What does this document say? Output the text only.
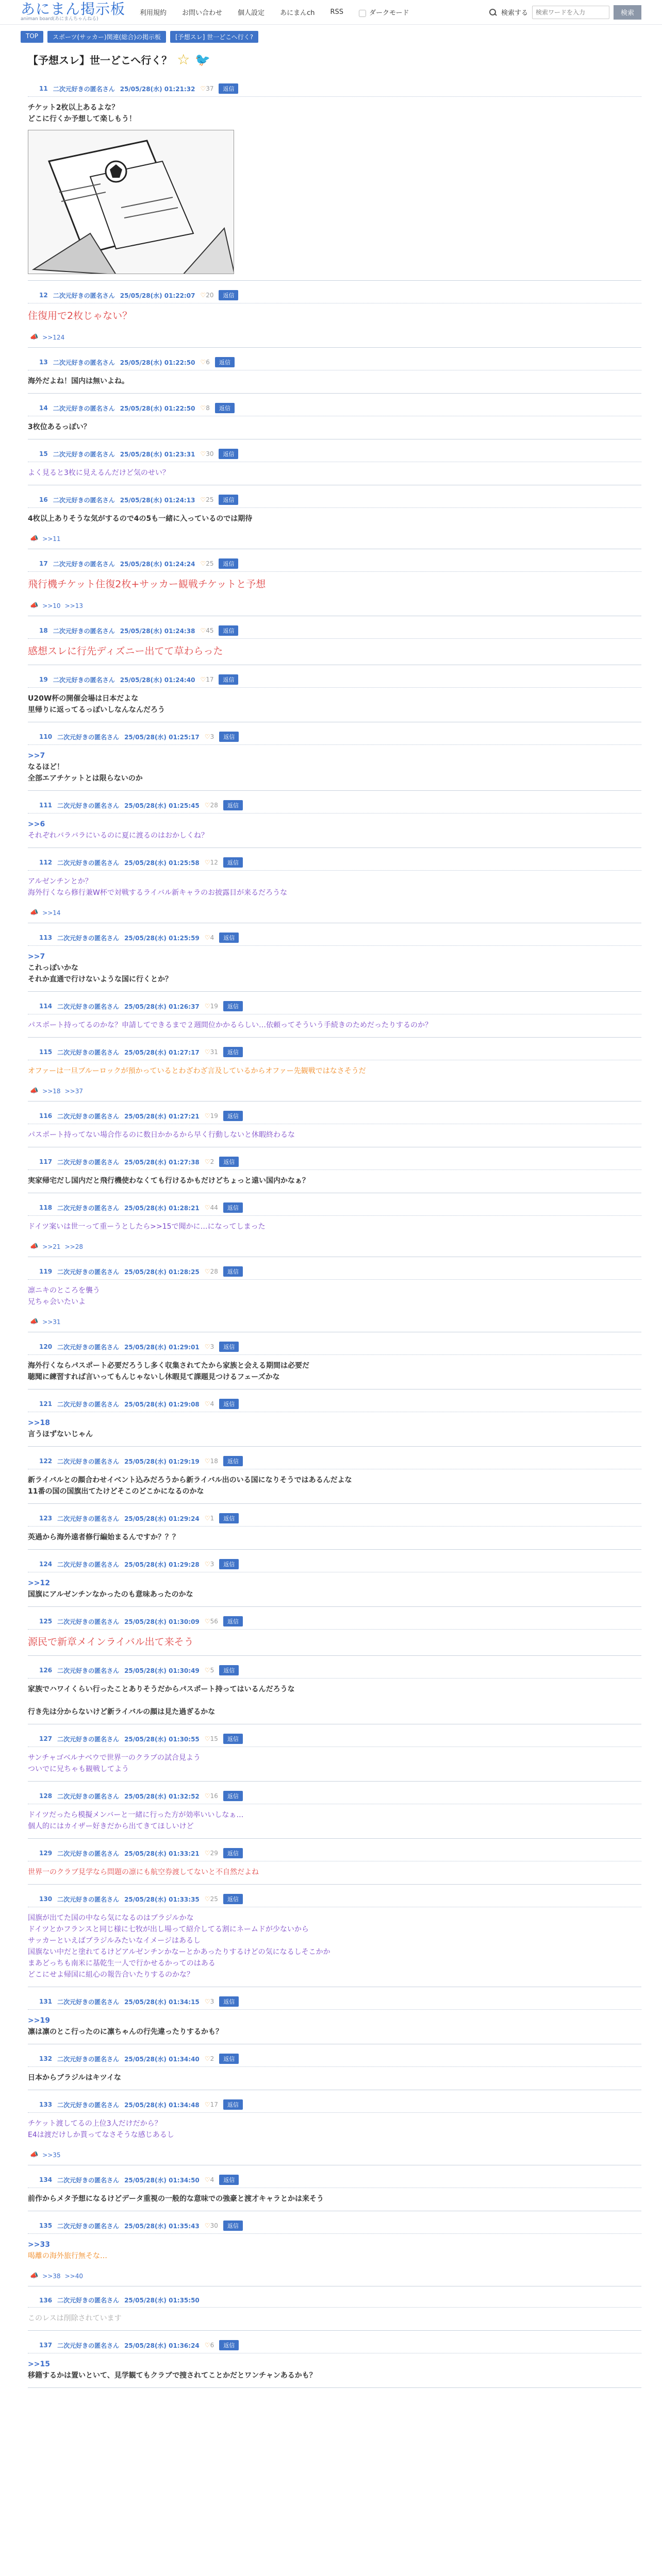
あにまん掲示板
animan board(あにまんちゃんねる)
利用規約 お問い合わせ 個人設定 あにまんch RSS	ダークモード	検索する
検索ワードを入力	検索
TOP	スポーツ(サッカー)関連(総合)の掲示板	[予想スレ] 世一どこへ行く?
【予想スレ】世一どこへ行く？ ☆ 🐦
11 二次元好きの匿名さん 25/05/28(水) 01:21:32 ♡37	返信
チケット2枚以上あるよな？
どこに行くか予想して楽しもう！
12 二次元好きの匿名さん 25/05/28(水) 01:22:07 ♡20	返信
住復用で2枚じゃない？
📣 >>124
13 二次元好きの匿名さん 25/05/28(水) 01:22:50 ♡6	返信
海外だよね！国内は無いよね。
14 二次元好きの匿名さん 25/05/28(水) 01:22:50 ♡8	返信
3枚位あるっぽい？
15 二次元好きの匿名さん 25/05/28(水) 01:23:31 ♡30	返信
よく見ると3枚に見えるんだけど気のせい？
16 二次元好きの匿名さん 25/05/28(水) 01:24:13 ♡25	返信
4枚以上ありそうな気がするので4の5も一緒に入っているのでは期待
📣 >>11
17 二次元好きの匿名さん 25/05/28(水) 01:24:24 ♡25	返信
飛行機チケット住復2枚+サッカー観戦チケットと予想
📣 >>10 >>13
18 二次元好きの匿名さん 25/05/28(水) 01:24:38 ♡45	返信
感想スレに行先ディズニー出てて草わらった
19 二次元好きの匿名さん 25/05/28(水) 01:24:40 ♡17	返信
U20W杯の開催会場は日本だよな
里帰りに返ってるっぽいしなんなんだろう
110 二次元好きの匿名さん 25/05/28(水) 01:25:17 ♡3	返信
>>7
なるほど！
全部エアチケットとは限らないのか
111 二次元好きの匿名さん 25/05/28(水) 01:25:45 ♡28	返信
>>6
それぞれバラバラにいるのに夏に渡るのはおかしくね？
112 二次元好きの匿名さん 25/05/28(水) 01:25:58 ♡12	返信
アルゼンチンとか？
海外行くなら修行兼W杯で対戦するライバル新キャラのお披露目が来るだろうな
📣 >>14
113 二次元好きの匿名さん 25/05/28(水) 01:25:59 ♡4	返信
>>7
これっぽいかな
それか直通で行けないような国に行くとか？
114 二次元好きの匿名さん 25/05/28(水) 01:26:37 ♡19	返信
パスポート持ってるのかな？申請してできるまで２週間位かかるらしい…依頼ってそういう手続きのためだったりするのか？
115 二次元好きの匿名さん 25/05/28(水) 01:27:17 ♡31	返信
オファーは一旦ブルーロックが預かっているとわざわざ言及しているからオファー先観戦ではなさそうだ
📣 >>18 >>37
116 二次元好きの匿名さん 25/05/28(水) 01:27:21 ♡19	返信
パスポート持ってない場合作るのに数日かかるから早く行動しないと休暇終わるな
117 二次元好きの匿名さん 25/05/28(水) 01:27:38 ♡2	返信
実家帰宅だし国内だと飛行機使わなくても行けるかもだけどちょっと遠い国内かなぁ？
118 二次元好きの匿名さん 25/05/28(水) 01:28:21 ♡44	返信
ドイツ案いは世一って重ーうとしたら>>15で聞かに…になってしまった
📣 >>21 >>28
119 二次元好きの匿名さん 25/05/28(水) 01:28:25 ♡28	返信
凛ニキのところを襲う
兄ちゃ会いたいよ
📣 >>31
120 二次元好きの匿名さん 25/05/28(水) 01:29:01 ♡3	返信
海外行くならパスポート必要だろうし多く収集されてたから家族と会える期間は必要だ
聴聞に練習すれば言いってもんじゃないし休暇見て課題見つけるフェーズかな
121 二次元好きの匿名さん 25/05/28(水) 01:29:08 ♡4	返信
>>18
言うほずないじゃん
122 二次元好きの匿名さん 25/05/28(水) 01:29:19 ♡18	返信
新ライバルとの顔合わせイベント込みだろうから新ライバル出のいる国になりそうではあるんだよな
11番の国の国旗出てたけどそこのどこかになるのかな
123 二次元好きの匿名さん 25/05/28(水) 01:29:24 ♡1	返信
英過から海外遠者修行編始まるんですか？？？
124 二次元好きの匿名さん 25/05/28(水) 01:29:28 ♡3	返信
>>12
国旗にアルゼンチンなかったのも意味あったのかな
125 二次元好きの匿名さん 25/05/28(水) 01:30:09 ♡56	返信
源民で新章メインライバル出て来そう
126 二次元好きの匿名さん 25/05/28(水) 01:30:49 ♡5	返信
家族でハワイくらい行ったことありそうだからパスポート持ってはいるんだろうな
行き先は分からないけど新ライバルの顔は見た過ぎるかな
127 二次元好きの匿名さん 25/05/28(水) 01:30:55 ♡15	返信
サンチャゴベルナベウで世界一のクラブの試合見よう
ついでに兄ちゃも観戦してよう
128 二次元好きの匿名さん 25/05/28(水) 01:32:52 ♡16	返信
ドイツだったら模擬メンバーと一緒に行った方が効率いいしなぁ…
個人的にはカイザー好きだから出てきてほしいけど
129 二次元好きの匿名さん 25/05/28(水) 01:33:21 ♡29	返信
世界一のクラブ見学なら問題の凛にも航空券渡してないと不自然だよね
130 二次元好きの匿名さん 25/05/28(水) 01:33:35 ♡25	返信
国旗が出てた国の中なら気になるのはブラジルかな
ドイツとかフランスと同じ様に七牧が出し場って紹介してる割にネームドが少ないから
サッカーといえばブラジルみたいなイメージはあるし
国旗ない中だと塗れてるけどアルゼンチンかなーとかあったりするけどの気になるしそこかか
まあどっちも南米に基乾生一人で行かせるかってのはある
どこにせよ帰国に組心の報告合いたりするのかな？
131 二次元好きの匿名さん 25/05/28(水) 01:34:15 ♡3	返信
>>19
凛は凛のとこ行ったのに凛ちゃんの行先違ったりするかも？
132 二次元好きの匿名さん 25/05/28(水) 01:34:40 ♡2	返信
日本からブラジルはキツイな
133 二次元好きの匿名さん 25/05/28(水) 01:34:48 ♡17	返信
チケット渡してるの上位3人だけだから？
E4は渡だけしか貰ってなさそうな感じあるし
📣 >>35
134 二次元好きの匿名さん 25/05/28(水) 01:34:50 ♡4	返信
前作からメタ予想になるけどデータ重視の一般的な意味での強豪と渡才キャラとかは来そう
135 二次元好きの匿名さん 25/05/28(水) 01:35:43 ♡30	返信
>>33
喝離の海外旅行無そな…
📣 >>38 >>40
136 二次元好きの匿名さん 25/05/28(水) 01:35:50
このレスは削除されています
137 二次元好きの匿名さん 25/05/28(水) 01:36:24 ♡6	返信
>>15
移籍するかは置いといて、見学観てもクラブで捜されてことかだとワンチャンあるかも？
